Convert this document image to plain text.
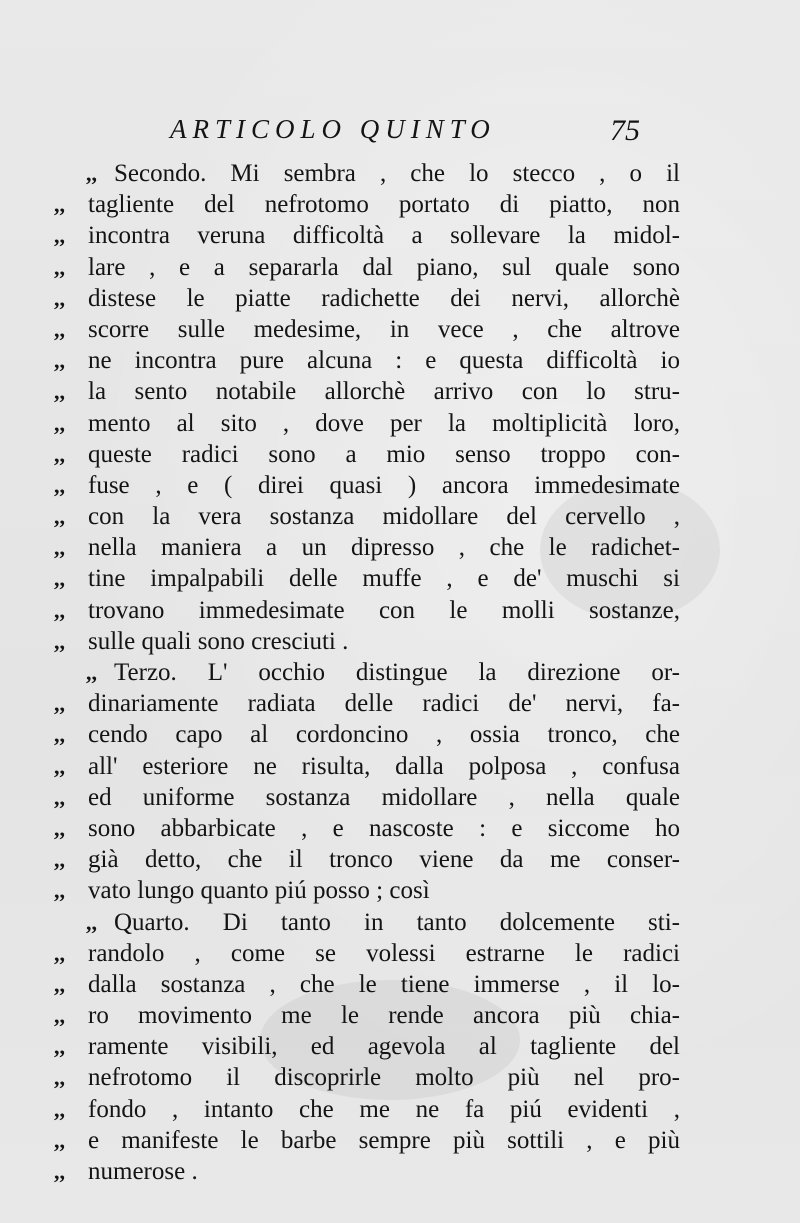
ARTICOLO QUINTO	75
,, Secondo. Mi sembra , che lo stecco , o il
,, tagliente del nefrotomo portato di piatto, non
,, incontra veruna difficoltà a sollevare la midol-
,, lare , e a separarla dal piano, sul quale sono
,, distese le piatte radichette dei nervi, allorchè
,, scorre sulle medesime, in vece , che altrove
,, ne incontra pure alcuna : e questa difficoltà io
,, la sento notabile allorchè arrivo con lo stru-
,, mento al sito , dove per la moltiplicità loro,
,, queste radici sono a mio senso troppo con-
,, fuse , e ( direi quasi ) ancora immedesimate
,, con la vera sostanza midollare del cervello ,
,, nella maniera a un dipresso , che le radichet-
,, tine impalpabili delle muffe , e de' muschi si
,, trovano immedesimate con le molli sostanze,
,, sulle quali sono cresciuti .
,, Terzo. L' occhio distingue la direzione or-
,, dinariamente radiata delle radici de' nervi, fa-
,, cendo capo al cordoncino , ossia tronco, che
,, all' esteriore ne risulta, dalla polposa , confusa
,, ed uniforme sostanza midollare , nella quale
,, sono abbarbicate , e nascoste : e siccome ho
,, già detto, che il tronco viene da me conser-
,, vato lungo quanto piú posso ; così
,, Quarto. Di tanto in tanto dolcemente sti-
,, randolo , come se volessi estrarne le radici
,, dalla sostanza , che le tiene immerse , il lo-
,, ro movimento me le rende ancora più chia-
,, ramente visibili, ed agevola al tagliente del
,, nefrotomo il discoprirle molto più nel pro-
,, fondo , intanto che me ne fa piú evidenti ,
,, e manifeste le barbe sempre più sottili , e più
,, numerose .
